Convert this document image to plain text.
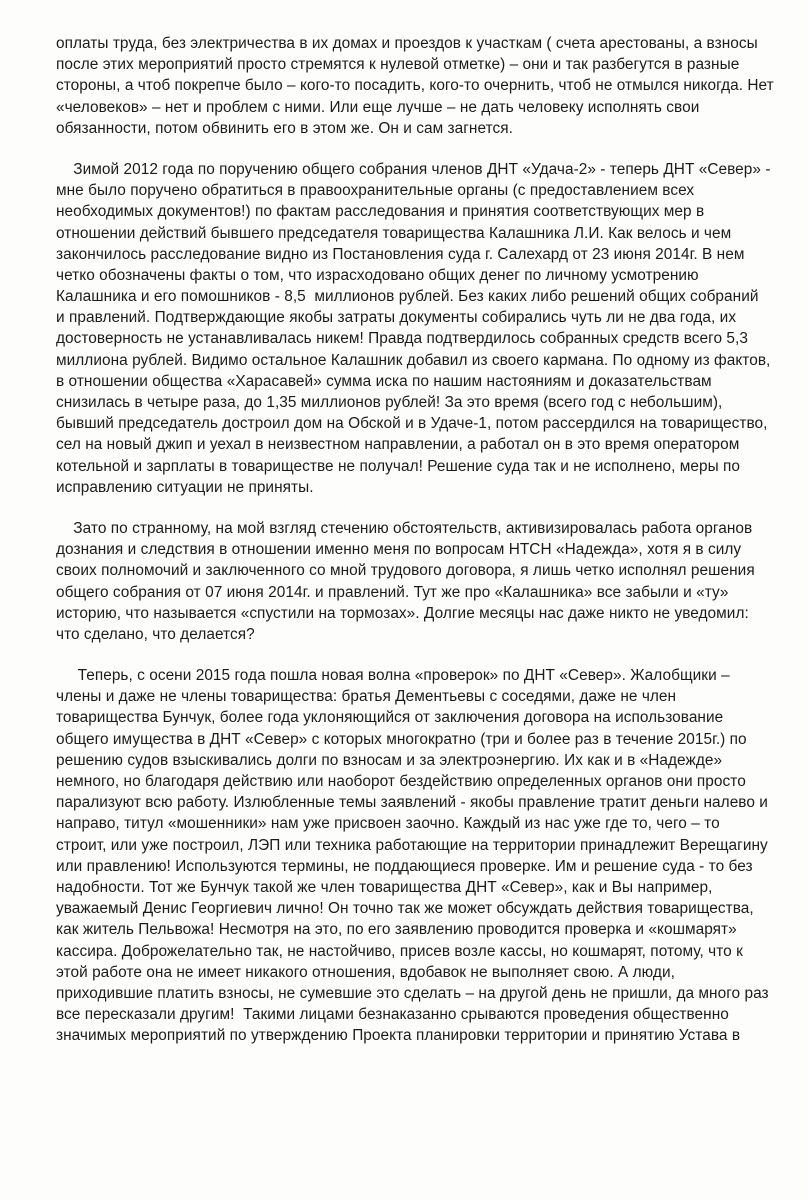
оплаты труда, без электричества в их домах и проездов к участкам ( счета арестованы, а взносы
после этих мероприятий просто стремятся к нулевой отметке) – они и так разбегутся в разные
стороны, а чтоб покрепче было – кого-то посадить, кого-то очернить, чтоб не отмылся никогда. Нет
«человеков» – нет и проблем с ними. Или еще лучше – не дать человеку исполнять свои
обязанности, потом обвинить его в этом же. Он и сам загнется.
Зимой 2012 года по поручению общего собрания членов ДНТ «Удача-2» - теперь ДНТ «Север» -
мне было поручено обратиться в правоохранительные органы (с предоставлением всех
необходимых документов!) по фактам расследования и принятия соответствующих мер в
отношении действий бывшего председателя товарищества Калашника Л.И. Как велось и чем
закончилось расследование видно из Постановления суда г. Салехард от 23 июня 2014г. В нем
четко обозначены факты о том, что израсходовано общих денег по личному усмотрению
Калашника и его помошников - 8,5  миллионов рублей. Без каких либо решений общих собраний
и правлений. Подтверждающие якобы затраты документы собирались чуть ли не два года, их
достоверность не устанавливалась никем! Правда подтвердилось собранных средств всего 5,3
миллиона рублей. Видимо остальное Калашник добавил из своего кармана. По одному из фактов,
в отношении общества «Харасавей» сумма иска по нашим настояниям и доказательствам
снизилась в четыре раза, до 1,35 миллионов рублей! За это время (всего год с небольшим),
бывший председатель достроил дом на Обской и в Удаче-1, потом рассердился на товарищество,
сел на новый джип и уехал в неизвестном направлении, а работал он в это время оператором
котельной и зарплаты в товариществе не получал! Решение суда так и не исполнено, меры по
исправлению ситуации не приняты.
Зато по странному, на мой взгляд стечению обстоятельств, активизировалась работа органов
дознания и следствия в отношении именно меня по вопросам НТСН «Надежда», хотя я в силу
своих полномочий и заключенного со мной трудового договора, я лишь четко исполнял решения
общего собрания от 07 июня 2014г. и правлений. Тут же про «Калашника» все забыли и «ту»
историю, что называется «спустили на тормозах». Долгие месяцы нас даже никто не уведомил:
что сделано, что делается?
Теперь, с осени 2015 года пошла новая волна «проверок» по ДНТ «Север». Жалобщики –
члены и даже не члены товарищества: братья Дементьевы с соседями, даже не член
товарищества Бунчук, более года уклоняющийся от заключения договора на использование
общего имущества в ДНТ «Север» с которых многократно (три и более раз в течение 2015г.) по
решению судов взыскивались долги по взносам и за электроэнергию. Их как и в «Надежде»
немного, но благодаря действию или наоборот бездействию определенных органов они просто
парализуют всю работу. Излюбленные темы заявлений - якобы правление тратит деньги налево и
направо, титул «мошенники» нам уже присвоен заочно. Каждый из нас уже где то, чего – то
строит, или уже построил, ЛЭП или техника работающие на территории принадлежит Верещагину
или правлению! Используются термины, не поддающиеся проверке. Им и решение суда - то без
надобности. Тот же Бунчук такой же член товарищества ДНТ «Север», как и Вы например,
уважаемый Денис Георгиевич лично! Он точно так же может обсуждать действия товарищества,
как житель Пельвожа! Несмотря на это, по его заявлению проводится проверка и «кошмарят»
кассира. Доброжелательно так, не настойчиво, присев возле кассы, но кошмарят, потому, что к
этой работе она не имеет никакого отношения, вдобавок не выполняет свою. А люди,
приходившие платить взносы, не сумевшие это сделать – на другой день не пришли, да много раз
все пересказали другим!  Такими лицами безнаказанно срываются проведения общественно
значимых мероприятий по утверждению Проекта планировки территории и принятию Устава в
